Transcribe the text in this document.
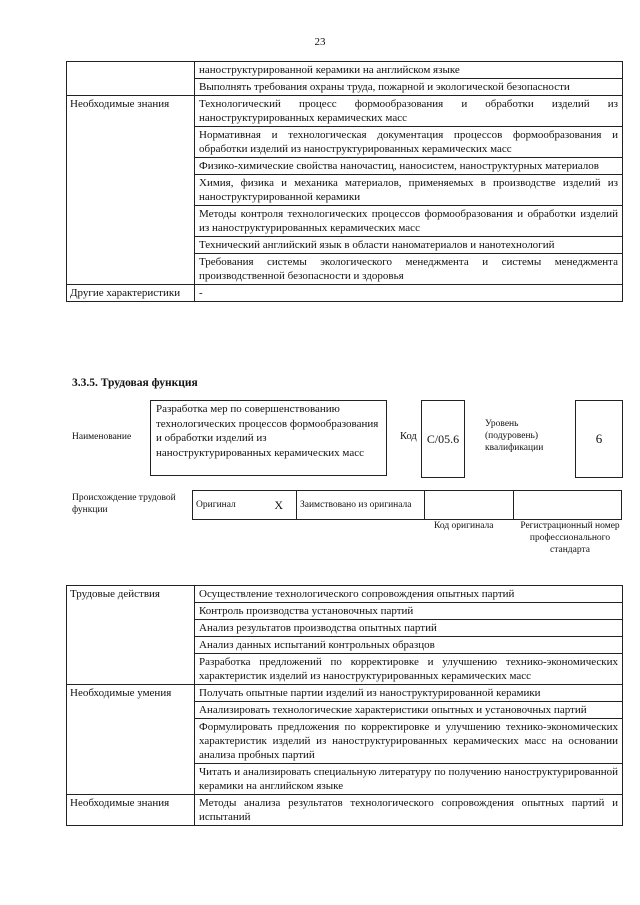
23
	наноструктурированной керамики на английском языке
	Выполнять требования охраны труда, пожарной и экологической безопасности
Необходимые знания	Технологический процесс формообразования и обработки изделий из наноструктурированных керамических масс
	Нормативная и технологическая документация процессов формообразования и обработки изделий из наноструктурированных керамических масс
	Физико-химические свойства наночастиц, наносистем, наноструктурных материалов
	Химия, физика и механика материалов, применяемых в производстве изделий из наноструктурированной керамики
	Методы контроля технологических процессов формообразования и обработки изделий из наноструктурированных керамических масс
	Технический английский язык в области наноматериалов и нанотехнологий
	Требования системы экологического менеджмента и системы менеджмента производственной безопасности и здоровья
Другие характеристики	-
3.3.5. Трудовая функция
Наименование
Разработка мер по совершенствованию технологических процессов формообразования и обработки изделий из наноструктурированных керамических масс
Код С/05.6
Уровень (подуровень) квалификации
6
Происхождение трудовой функции
Оригинал	X	Заимствовано из оригинала		
Код оригинала	Регистрационный номер профессионального стандарта
Трудовые действия	Осуществление технологического сопровождения опытных партий
	Контроль производства установочных партий
	Анализ результатов производства опытных партий
	Анализ данных испытаний контрольных образцов
	Разработка предложений по корректировке и улучшению технико-экономических характеристик изделий из наноструктурированных керамических масс
Необходимые умения	Получать опытные партии изделий из наноструктурированной керамики
	Анализировать технологические характеристики опытных и установочных партий
	Формулировать предложения по корректировке и улучшению технико-экономических характеристик изделий из наноструктурированных керамических масс на основании анализа пробных партий
	Читать и анализировать специальную литературу по получению наноструктурированной керамики на английском языке
Необходимые знания	Методы анализа результатов технологического сопровождения опытных партий и испытаний
